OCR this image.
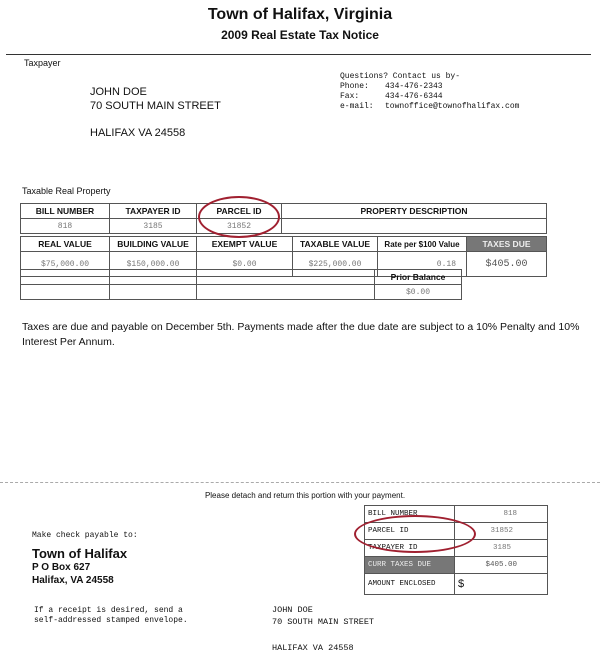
Town of Halifax, Virginia
2009 Real Estate Tax Notice
Taxpayer
JOHN DOE
70 SOUTH MAIN STREET
HALIFAX VA 24558
Questions? Contact us by-
Phone: 434-476-2343
Fax:	434-476-6344
e-mail: townoffice@townofhalifax.com
Taxable Real Property
BILL NUMBER	TAXPAYER ID	PARCEL ID	PROPERTY DESCRIPTION
818	3185	31852	
REAL VALUE	BUILDING VALUE	EXEMPT VALUE	TAXABLE VALUE	Rate per $100 Value	TAXES DUE
$75,000.00	$150,000.00	$0.00	$225,000.00	0.18	$405.00
			Prior Balance
			$0.00
Taxes are due and payable on December 5th. Payments made after the due date are subject to a 10% Penalty and 10% Interest Per Annum.
Please detach and return this portion with your payment.
Make check payable to:
Town of Halifax
P O Box 627
Halifax, VA 24558
If a receipt is desired, send a
self-addressed stamped envelope.
BILL NUMBER	818
PARCEL ID	31852
TAXPAYER ID	3185
CURR TAXES DUE	$405.00
AMOUNT ENCLOSED	$
JOHN DOE
70 SOUTH MAIN STREET
HALIFAX VA 24558
